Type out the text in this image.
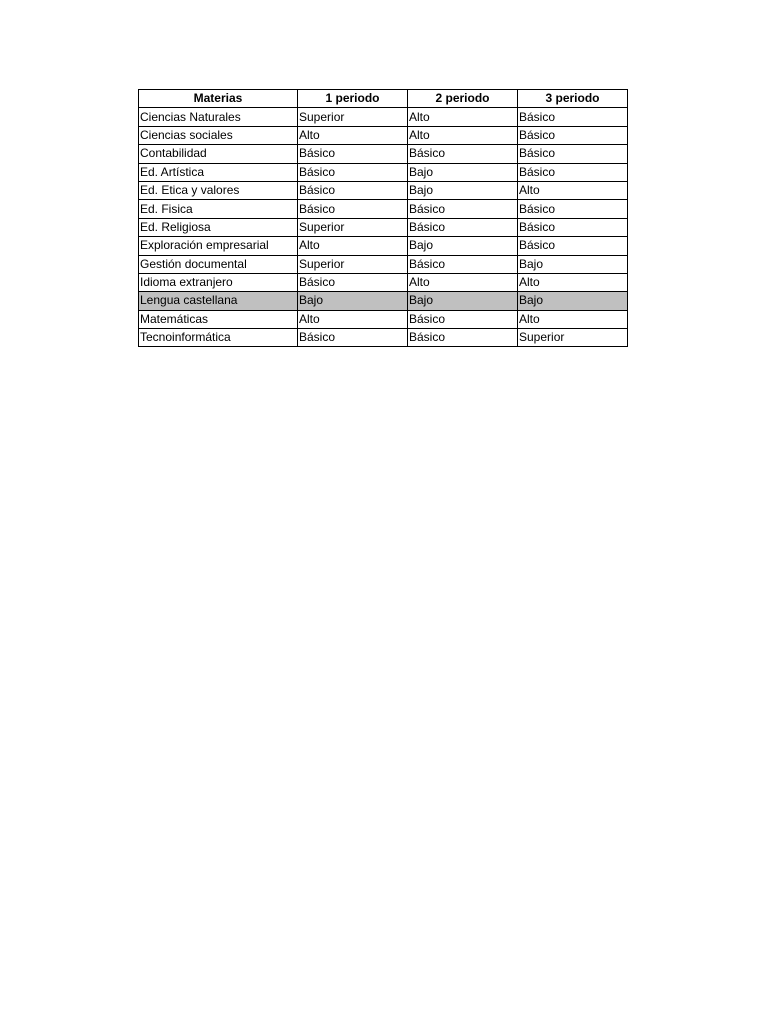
Materias	1 periodo	2 periodo	3 periodo
Ciencias Naturales	Superior	Alto	Básico
Ciencias sociales	Alto	Alto	Básico
Contabilidad	Básico	Básico	Básico
Ed. Artística	Básico	Bajo	Básico
Ed. Etica y valores	Básico	Bajo	Alto
Ed. Fisica	Básico	Básico	Básico
Ed. Religiosa	Superior	Básico	Básico
Exploración empresarial	Alto	Bajo	Básico
Gestión documental	Superior	Básico	Bajo
Idioma extranjero	Básico	Alto	Alto
Lengua castellana	Bajo	Bajo	Bajo
Matemáticas	Alto	Básico	Alto
Tecnoinformática	Básico	Básico	Superior
